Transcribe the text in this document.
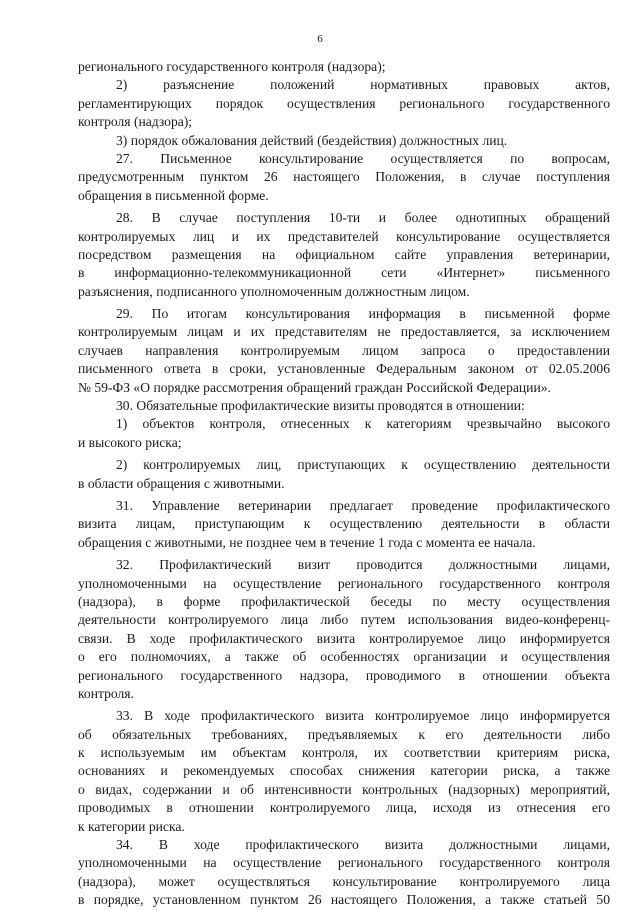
6
регионального государственного контроля (надзора);
2) разъяснение положений нормативных правовых актов,
регламентирующих порядок осуществления регионального государственного
контроля (надзора);
3) порядок обжалования действий (бездействия) должностных лиц.
27. Письменное консультирование осуществляется по вопросам,
предусмотренным пунктом 26 настоящего Положения, в случае поступления
обращения в письменной форме.
28. В случае поступления 10-ти и более однотипных обращений
контролируемых лиц и их представителей консультирование осуществляется
посредством размещения на официальном сайте управления ветеринарии,
в информационно-телекоммуникационной сети «Интернет» письменного
разъяснения, подписанного уполномоченным должностным лицом.
29. По итогам консультирования информация в письменной форме
контролируемым лицам и их представителям не предоставляется, за исключением
случаев направления контролируемым лицом запроса о предоставлении
письменного ответа в сроки, установленные Федеральным законом от 02.05.2006
№ 59-ФЗ «О порядке рассмотрения обращений граждан Российской Федерации».
30. Обязательные профилактические визиты проводятся в отношении:
1) объектов контроля, отнесенных к категориям чрезвычайно высокого
и высокого риска;
2) контролируемых лиц, приступающих к осуществлению деятельности
в области обращения с животными.
31. Управление ветеринарии предлагает проведение профилактического
визита лицам, приступающим к осуществлению деятельности в области
обращения с животными, не позднее чем в течение 1 года с момента ее начала.
32. Профилактический визит проводится должностными лицами,
уполномоченными на осуществление регионального государственного контроля
(надзора), в форме профилактической беседы по месту осуществления
деятельности контролируемого лица либо путем использования видео-конференц-
связи. В ходе профилактического визита контролируемое лицо информируется
о его полномочиях, а также об особенностях организации и осуществления
регионального государственного надзора, проводимого в отношении объекта
контроля.
33. В ходе профилактического визита контролируемое лицо информируется
об обязательных требованиях, предъявляемых к его деятельности либо
к используемым им объектам контроля, их соответствии критериям риска,
основаниях и рекомендуемых способах снижения категории риска, а также
о видах, содержании и об интенсивности контрольных (надзорных) мероприятий,
проводимых в отношении контролируемого лица, исходя из отнесения его
к категории риска.
34. В ходе профилактического визита должностными лицами,
уполномоченными на осуществление регионального государственного контроля
(надзора), может осуществляться консультирование контролируемого лица
в порядке, установленном пунктом 26 настоящего Положения, а также статьей 50
